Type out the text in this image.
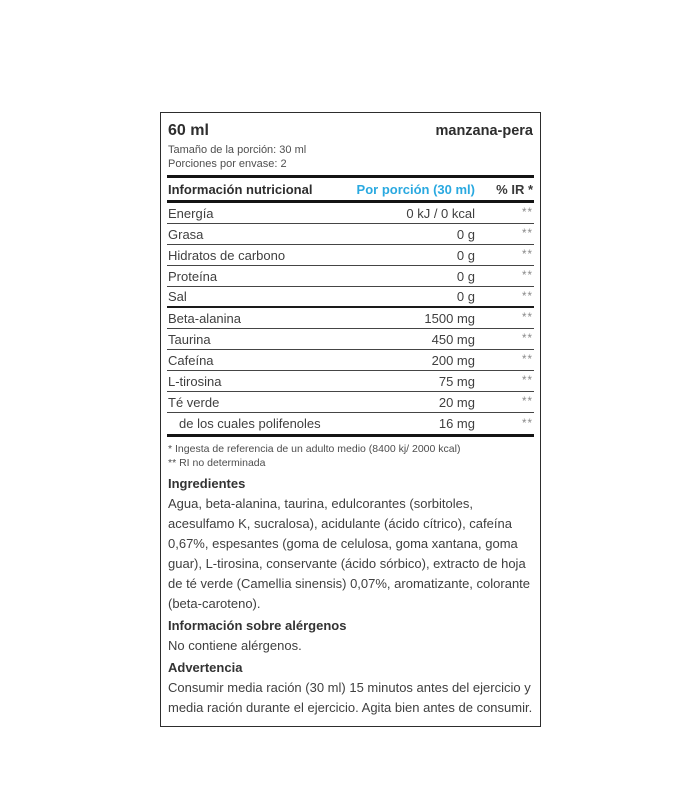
60 ml	manzana-pera
Tamaño de la porción: 30 ml
Porciones por envase: 2
Información nutricional	Por porción (30 ml)	% IR *
Energía	0 kJ / 0 kcal	**
Grasa	0 g	**
Hidratos de carbono	0 g	**
Proteína	0 g	**
Sal	0 g	**
Beta-alanina	1500 mg	**
Taurina	450 mg	**
Cafeína	200 mg	**
L-tirosina	75 mg	**
Té verde	20 mg	**
de los cuales polifenoles	16 mg	**
* Ingesta de referencia de un adulto medio (8400 kj/ 2000 kcal)
** RI no determinada
Ingredientes
Agua, beta-alanina, taurina, edulcorantes (sorbitoles, acesulfamo K, sucralosa), acidulante (ácido cítrico), cafeína 0,67%, espesantes (goma de celulosa, goma xantana, goma guar), L-tirosina, conservante (ácido sórbico), extracto de hoja de té verde (Camellia sinensis) 0,07%, aromatizante, colorante (beta-caroteno).
Información sobre alérgenos
No contiene alérgenos.
Advertencia
Consumir media ración (30 ml) 15 minutos antes del ejercicio y media ración durante el ejercicio. Agita bien antes de consumir.
